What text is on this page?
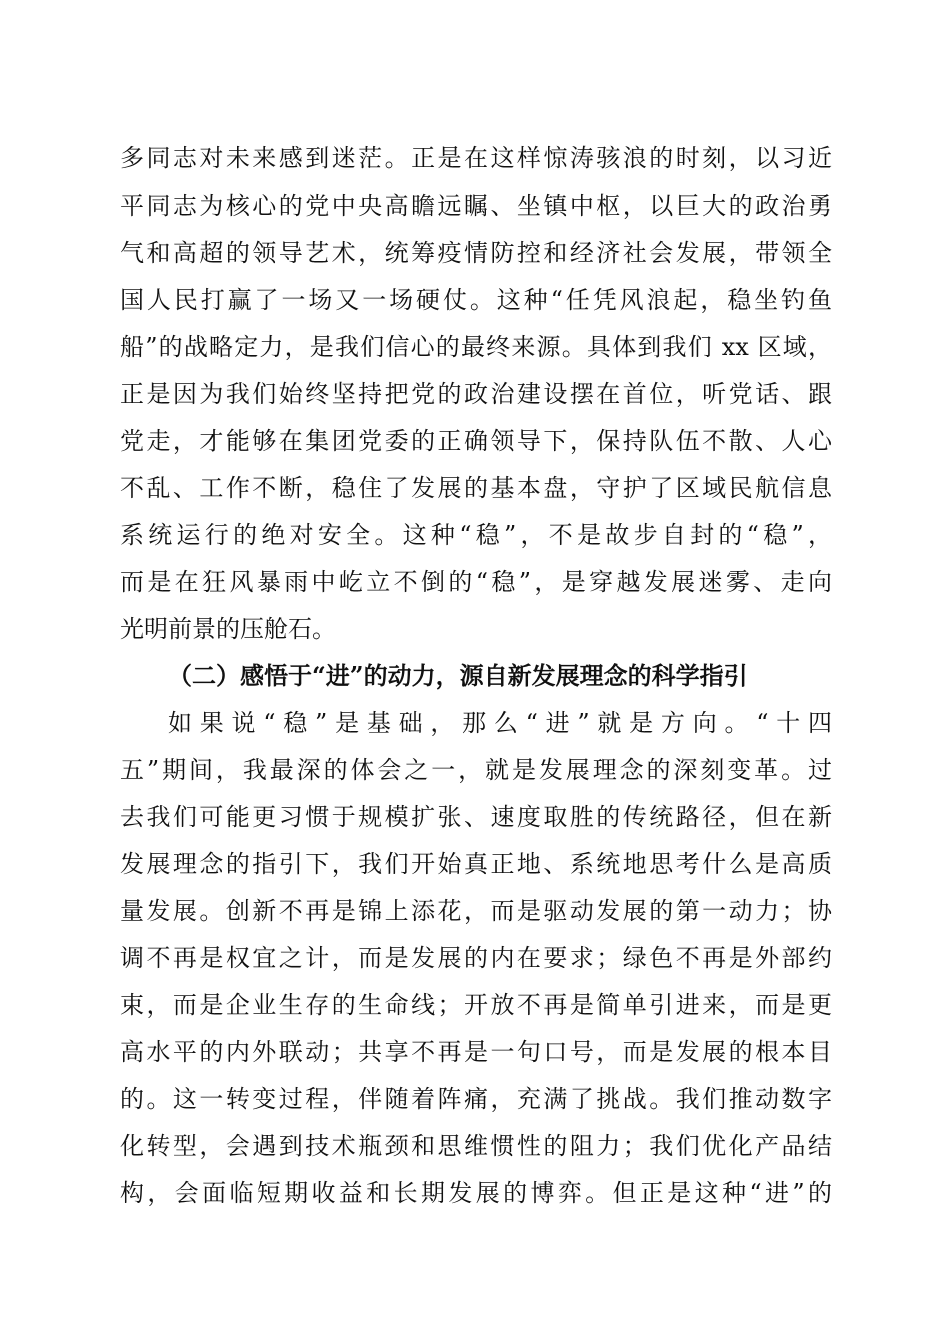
多同志对未来感到迷茫。正是在这样惊涛骇浪的时刻，以习近
平同志为核心的党中央高瞻远瞩、坐镇中枢，以巨大的政治勇
气和高超的领导艺术，统筹疫情防控和经济社会发展，带领全
国人民打赢了一场又一场硬仗。这种“任凭风浪起，稳坐钓鱼
船”的战略定力，是我们信心的最终来源。具体到我们 xx 区域，
正是因为我们始终坚持把党的政治建设摆在首位，听党话、跟
党走，才能够在集团党委的正确领导下，保持队伍不散、人心
不乱、工作不断，稳住了发展的基本盘，守护了区域民航信息
系统运行的绝对安全。这种“稳”，不是故步自封的“稳”，
而是在狂风暴雨中屹立不倒的“稳”，是穿越发展迷雾、走向
光明前景的压舱石。
（二）感悟于“进”的动力，源自新发展理念的科学指引
如果说“稳”是基础，那么“进”就是方向。“十四
五”期间，我最深的体会之一，就是发展理念的深刻变革。过
去我们可能更习惯于规模扩张、速度取胜的传统路径，但在新
发展理念的指引下，我们开始真正地、系统地思考什么是高质
量发展。创新不再是锦上添花，而是驱动发展的第一动力；协
调不再是权宜之计，而是发展的内在要求；绿色不再是外部约
束，而是企业生存的生命线；开放不再是简单引进来，而是更
高水平的内外联动；共享不再是一句口号，而是发展的根本目
的。这一转变过程，伴随着阵痛，充满了挑战。我们推动数字
化转型，会遇到技术瓶颈和思维惯性的阻力；我们优化产品结
构，会面临短期收益和长期发展的博弈。但正是这种“进”的
